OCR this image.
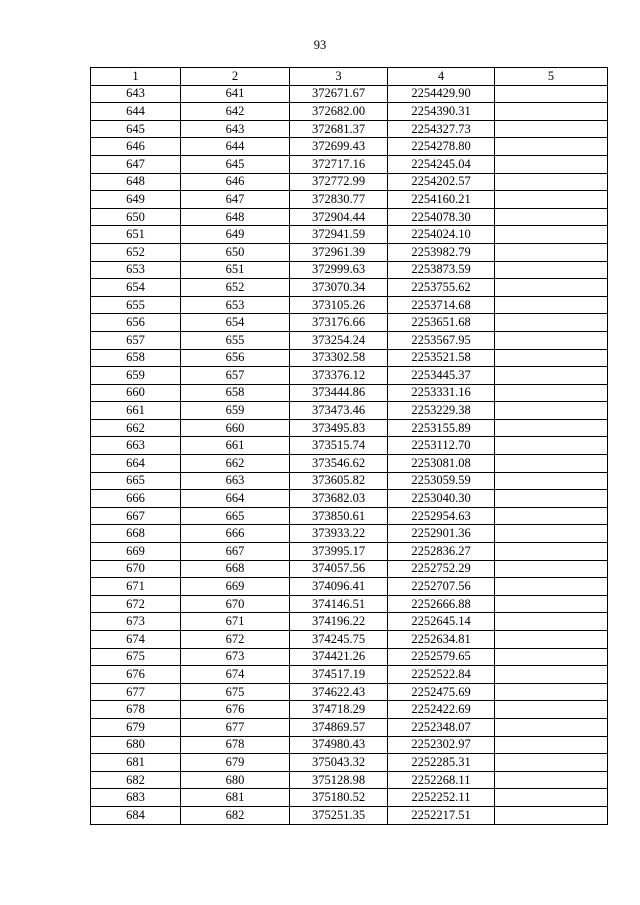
93
1	2	3	4	5
643	641	372671.67	2254429.90	
644	642	372682.00	2254390.31	
645	643	372681.37	2254327.73	
646	644	372699.43	2254278.80	
647	645	372717.16	2254245.04	
648	646	372772.99	2254202.57	
649	647	372830.77	2254160.21	
650	648	372904.44	2254078.30	
651	649	372941.59	2254024.10	
652	650	372961.39	2253982.79	
653	651	372999.63	2253873.59	
654	652	373070.34	2253755.62	
655	653	373105.26	2253714.68	
656	654	373176.66	2253651.68	
657	655	373254.24	2253567.95	
658	656	373302.58	2253521.58	
659	657	373376.12	2253445.37	
660	658	373444.86	2253331.16	
661	659	373473.46	2253229.38	
662	660	373495.83	2253155.89	
663	661	373515.74	2253112.70	
664	662	373546.62	2253081.08	
665	663	373605.82	2253059.59	
666	664	373682.03	2253040.30	
667	665	373850.61	2252954.63	
668	666	373933.22	2252901.36	
669	667	373995.17	2252836.27	
670	668	374057.56	2252752.29	
671	669	374096.41	2252707.56	
672	670	374146.51	2252666.88	
673	671	374196.22	2252645.14	
674	672	374245.75	2252634.81	
675	673	374421.26	2252579.65	
676	674	374517.19	2252522.84	
677	675	374622.43	2252475.69	
678	676	374718.29	2252422.69	
679	677	374869.57	2252348.07	
680	678	374980.43	2252302.97	
681	679	375043.32	2252285.31	
682	680	375128.98	2252268.11	
683	681	375180.52	2252252.11	
684	682	375251.35	2252217.51	
